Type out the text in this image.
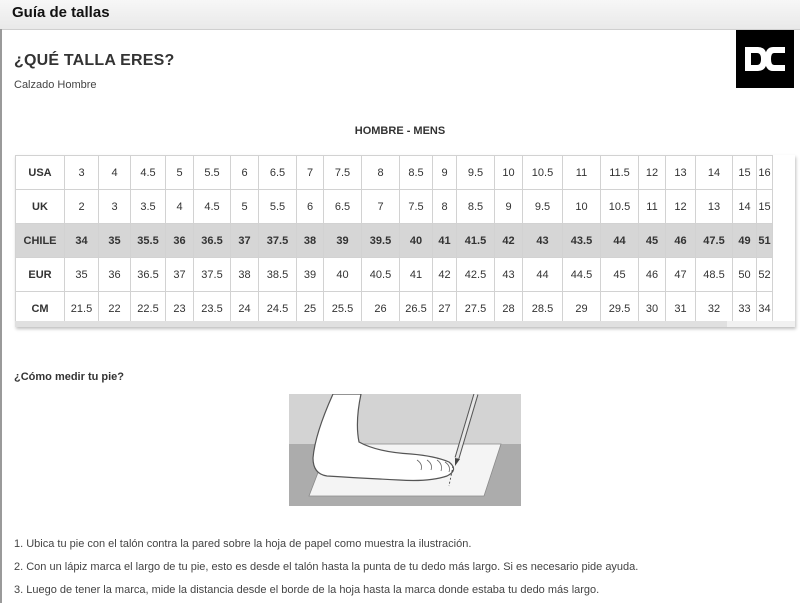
Guía de tallas
¿QUÉ TALLA ERES?
Calzado Hombre
HOMBRE - MENS
USA	3	4	4.5	5	5.5	6	6.5	7	7.5	8	8.5	9	9.5	10	10.5	11	11.5	12	13	14	15	16	
UK	2	3	3.5	4	4.5	5	5.5	6	6.5	7	7.5	8	8.5	9	9.5	10	10.5	11	12	13	14	15	
CHILE	34	35	35.5	36	36.5	37	37.5	38	39	39.5	40	41	41.5	42	43	43.5	44	45	46	47.5	49	51	
EUR	35	36	36.5	37	37.5	38	38.5	39	40	40.5	41	42	42.5	43	44	44.5	45	46	47	48.5	50	52	
CM	21.5	22	22.5	23	23.5	24	24.5	25	25.5	26	26.5	27	27.5	28	28.5	29	29.5	30	31	32	33	34	
¿Cómo medir tu pie?
1. Ubica tu pie con el talón contra la pared sobre la hoja de papel como muestra la ilustración.
2. Con un lápiz marca el largo de tu pie, esto es desde el talón hasta la punta de tu dedo más largo. Si es necesario pide ayuda.
3. Luego de tener la marca, mide la distancia desde el borde de la hoja hasta la marca donde estaba tu dedo más largo.
